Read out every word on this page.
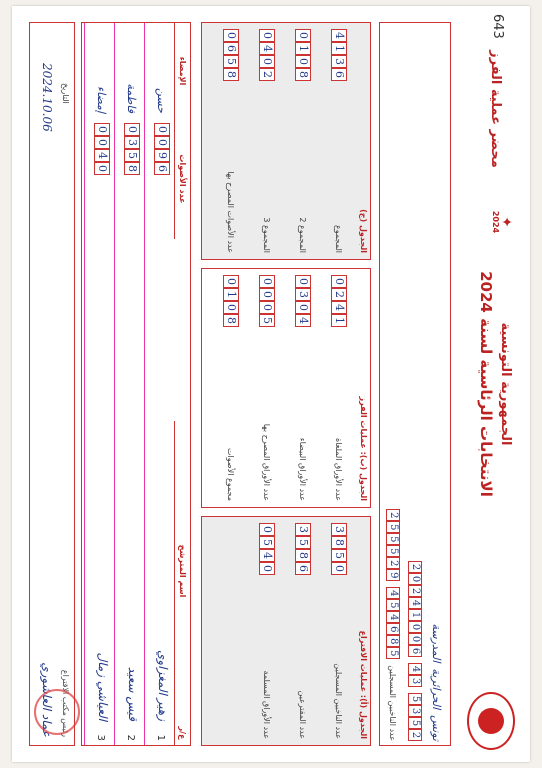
الجمهورية التونسية
الانتخابات الرئاسية لسنة 2024
✦
2024
محضر عملية الفرز
643
تونس
الحرائرية
المدرسة
5
3
5
2
4
3
2
0
2
4
1
0
0
6
عدد الناخبين المسجلين
4
5
4
6
8
5
2
5
5
5
2
9
الجدول (أ): عمليات الاقتراع
عدد الناخبين المسجلين
3
8
5
0
عدد المقترعين
3
5
8
6
عدد الأوراق المسلمة
0
5
4
0
الجدول (ب): عمليات الفرز
عدد الأوراق الملغاة
0
2
4
1
عدد الأوراق البيضاء
0
3
0
4
عدد الأوراق المصرح بها
0
0
0
5
مجموع الأصوات
0
1
0
8
الجدول (ج)
المجموع
4
1
3
6
المجموع 2
0
1
0
8
المجموع 3
0
4
0
2
عدد الأصوات المصرح بها
0
6
5
8
ع/ر
اسم المترشح
عدد الأصوات
الإمضاء
1
زهير المغزاوي
0
0
9
6
حسن
2
قيس سعيد
0
3
5
8
فاطمة
3
العياشي زمال
0
0
4
0
إمضاء
رئيس مكتب الاقتراع
عماد العاشوري
التاريخ
2024.10.06
